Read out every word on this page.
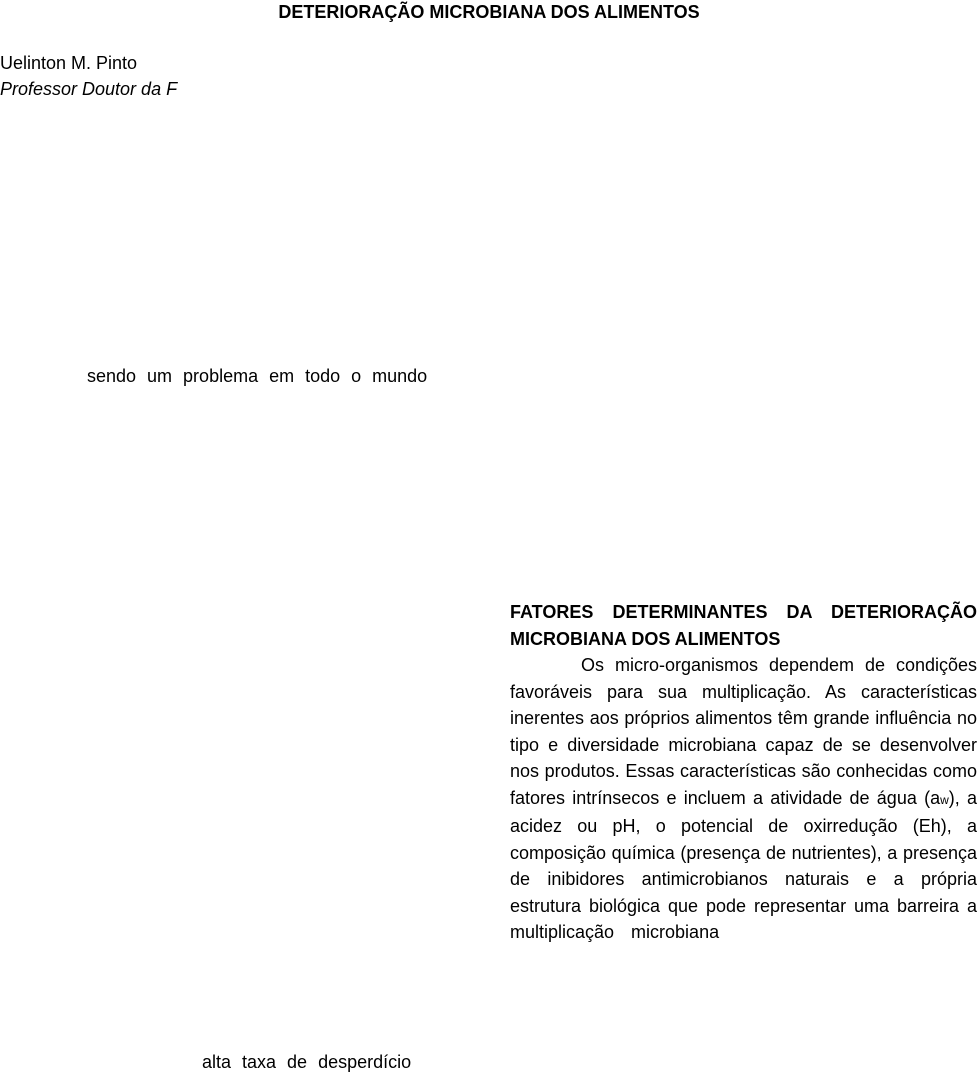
DETERIORAÇÃO MICROBIANA DOS ALIMENTOS
Uelinton M. Pinto
Professor Doutor da F
sendo um problema em todo o mundo

FATORES DETERMINANTES DA DETERIORAÇÃO MICROBIANA DOS ALIMENTOS

Os micro-organismos dependem de condições favoráveis para sua multiplicação. As características inerentes aos próprios alimentos têm grande influência no tipo e diversidade microbiana capaz de se desenvolver nos produtos. Essas características são conhecidas como fatores intrínsecos e incluem a atividade de água (aw), a acidez ou pH, o potencial de oxirredução (Eh), a composição química (presença de nutrientes), a presença de inibidores antimicrobianos naturais e a própria estrutura biológica que pode representar uma barreira a multiplicação microbiana

alta taxa de desperdício
